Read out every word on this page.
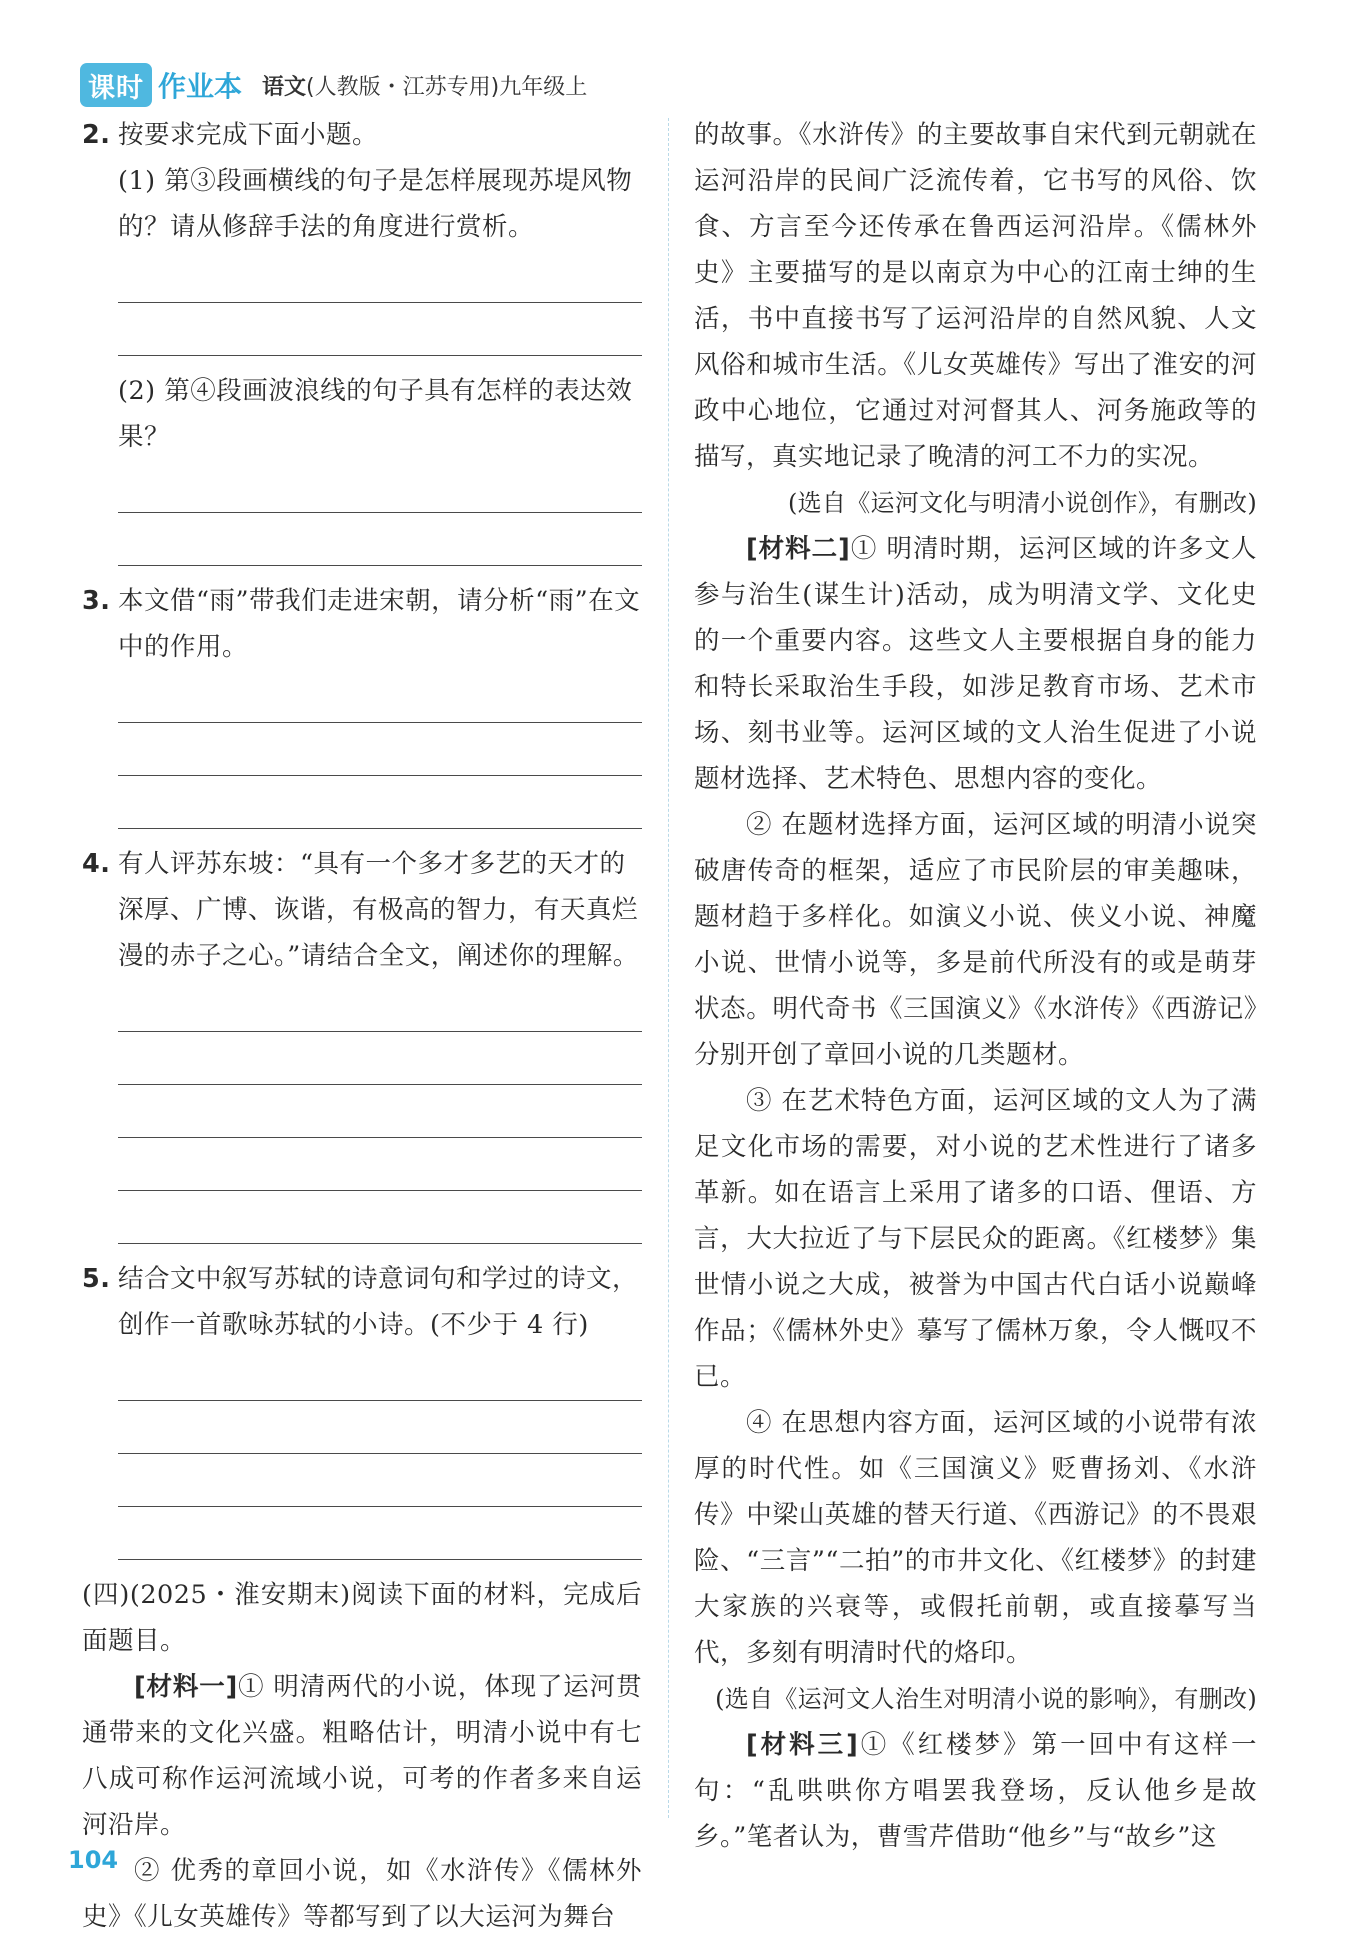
课时 作业本 语文(人教版・江苏专用)九年级上
2. 按要求完成下面小题。

(1) 第③段画横线的句子是怎样展现苏堤风物的？请从修辞手法的角度进行赏析。

(2) 第④段画波浪线的句子具有怎样的表达效果？

3. 本文借“雨”带我们走进宋朝，请分析“雨”在文中的作用。
4. 有人评苏东坡：“具有一个多才多艺的天才的深厚、广博、诙谐，有极高的智力，有天真烂漫的赤子之心。”请结合全文，阐述你的理解。
5. 结合文中叙写苏轼的诗意词句和学过的诗文，创作一首歌咏苏轼的小诗。(不少于 4 行)

(四)(2025・淮安期末)阅读下面的材料，完成后面题目。

[材料一]① 明清两代的小说，体现了运河贯通带来的文化兴盛。粗略估计，明清小说中有七八成可称作运河流域小说，可考的作者多来自运河沿岸。

② 优秀的章回小说，如《水浒传》《儒林外史》《儿女英雄传》等都写到了以大运河为舞台

的故事。《水浒传》的主要故事自宋代到元朝就在运河沿岸的民间广泛流传着，它书写的风俗、饮食、方言至今还传承在鲁西运河沿岸。《儒林外史》主要描写的是以南京为中心的江南士绅的生活，书中直接书写了运河沿岸的自然风貌、人文风俗和城市生活。《儿女英雄传》写出了淮安的河政中心地位，它通过对河督其人、河务施政等的描写，真实地记录了晚清的河工不力的实况。

(选自《运河文化与明清小说创作》，有删改)

[材料二]① 明清时期，运河区域的许多文人参与治生(谋生计)活动，成为明清文学、文化史的一个重要内容。这些文人主要根据自身的能力和特长采取治生手段，如涉足教育市场、艺术市场、刻书业等。运河区域的文人治生促进了小说题材选择、艺术特色、思想内容的变化。

② 在题材选择方面，运河区域的明清小说突破唐传奇的框架，适应了市民阶层的审美趣味，题材趋于多样化。如演义小说、侠义小说、神魔小说、世情小说等，多是前代所没有的或是萌芽状态。明代奇书《三国演义》《水浒传》《西游记》分别开创了章回小说的几类题材。

③ 在艺术特色方面，运河区域的文人为了满足文化市场的需要，对小说的艺术性进行了诸多革新。如在语言上采用了诸多的口语、俚语、方言，大大拉近了与下层民众的距离。《红楼梦》集世情小说之大成，被誉为中国古代白话小说巅峰作品；《儒林外史》摹写了儒林万象，令人慨叹不已。

④ 在思想内容方面，运河区域的小说带有浓厚的时代性。如《三国演义》贬曹扬刘、《水浒传》中梁山英雄的替天行道、《西游记》的不畏艰险、“三言”“二拍”的市井文化、《红楼梦》的封建大家族的兴衰等，或假托前朝，或直接摹写当代，多刻有明清时代的烙印。

(选自《运河文人治生对明清小说的影响》，有删改)

[材料三]①《红楼梦》第一回中有这样一句：“乱哄哄你方唱罢我登场，反认他乡是故乡。”笔者认为，曹雪芹借助“他乡”与“故乡”这

104
